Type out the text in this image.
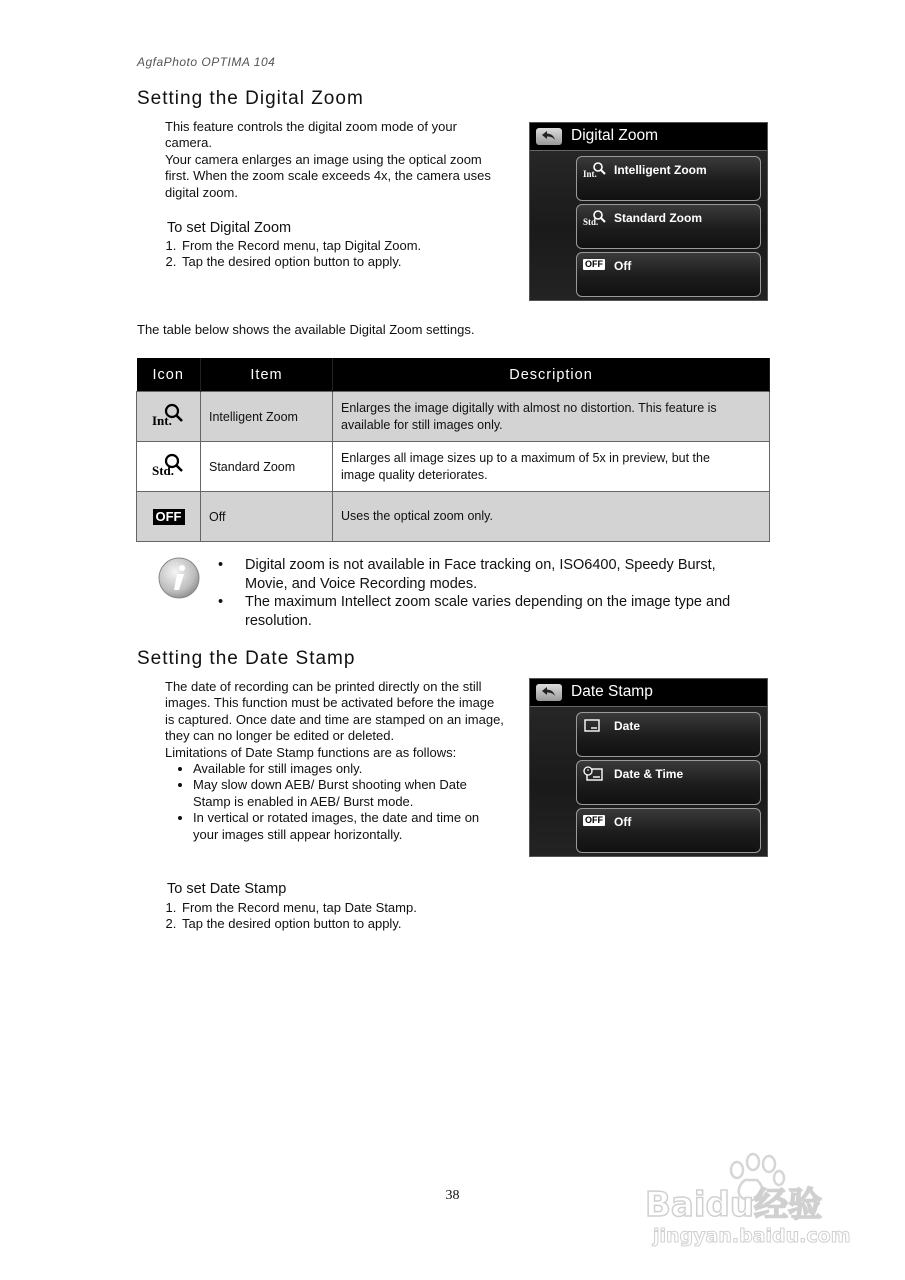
AgfaPhoto OPTIMA 104
Setting the Digital Zoom
This feature controls the digital zoom mode of your
camera.
Your camera enlarges an image using the optical zoom
first. When the zoom scale exceeds 4x, the camera uses
digital zoom.
To set Digital Zoom
1. From the Record menu, tap Digital Zoom.
2. Tap the desired option button to apply.
Digital Zoom
Int. Intelligent Zoom
Std. Standard Zoom
OFF Off
The table below shows the available Digital Zoom settings.
Icon	Item	Description

Int.	Intelligent Zoom	Enlarges the image digitally with almost no distortion. This feature is
available for still images only.

Std.	Standard Zoom	Enlarges all image sizes up to a maximum of 5x in preview, but the
image quality deteriorates.

OFF	Off	Uses the optical zoom only.
• Digital zoom is not available in Face tracking on, ISO6400, Speedy Burst,
Movie, and Voice Recording modes.
• The maximum Intellect zoom scale varies depending on the image type and
resolution.
Setting the Date Stamp
The date of recording can be printed directly on the still
images. This function must be activated before the image
is captured. Once date and time are stamped on an image,
they can no longer be edited or deleted.
Limitations of Date Stamp functions are as follows:
• Available for still images only.
• May slow down AEB/ Burst shooting when Date
Stamp is enabled in AEB/ Burst mode.
• In vertical or rotated images, the date and time on
your images still appear horizontally.
Date Stamp
Date
Date & Time
OFF Off
To set Date Stamp
1. From the Record menu, tap Date Stamp.
2. Tap the desired option button to apply.
38	Baidu经验
jingyan.baidu.com
